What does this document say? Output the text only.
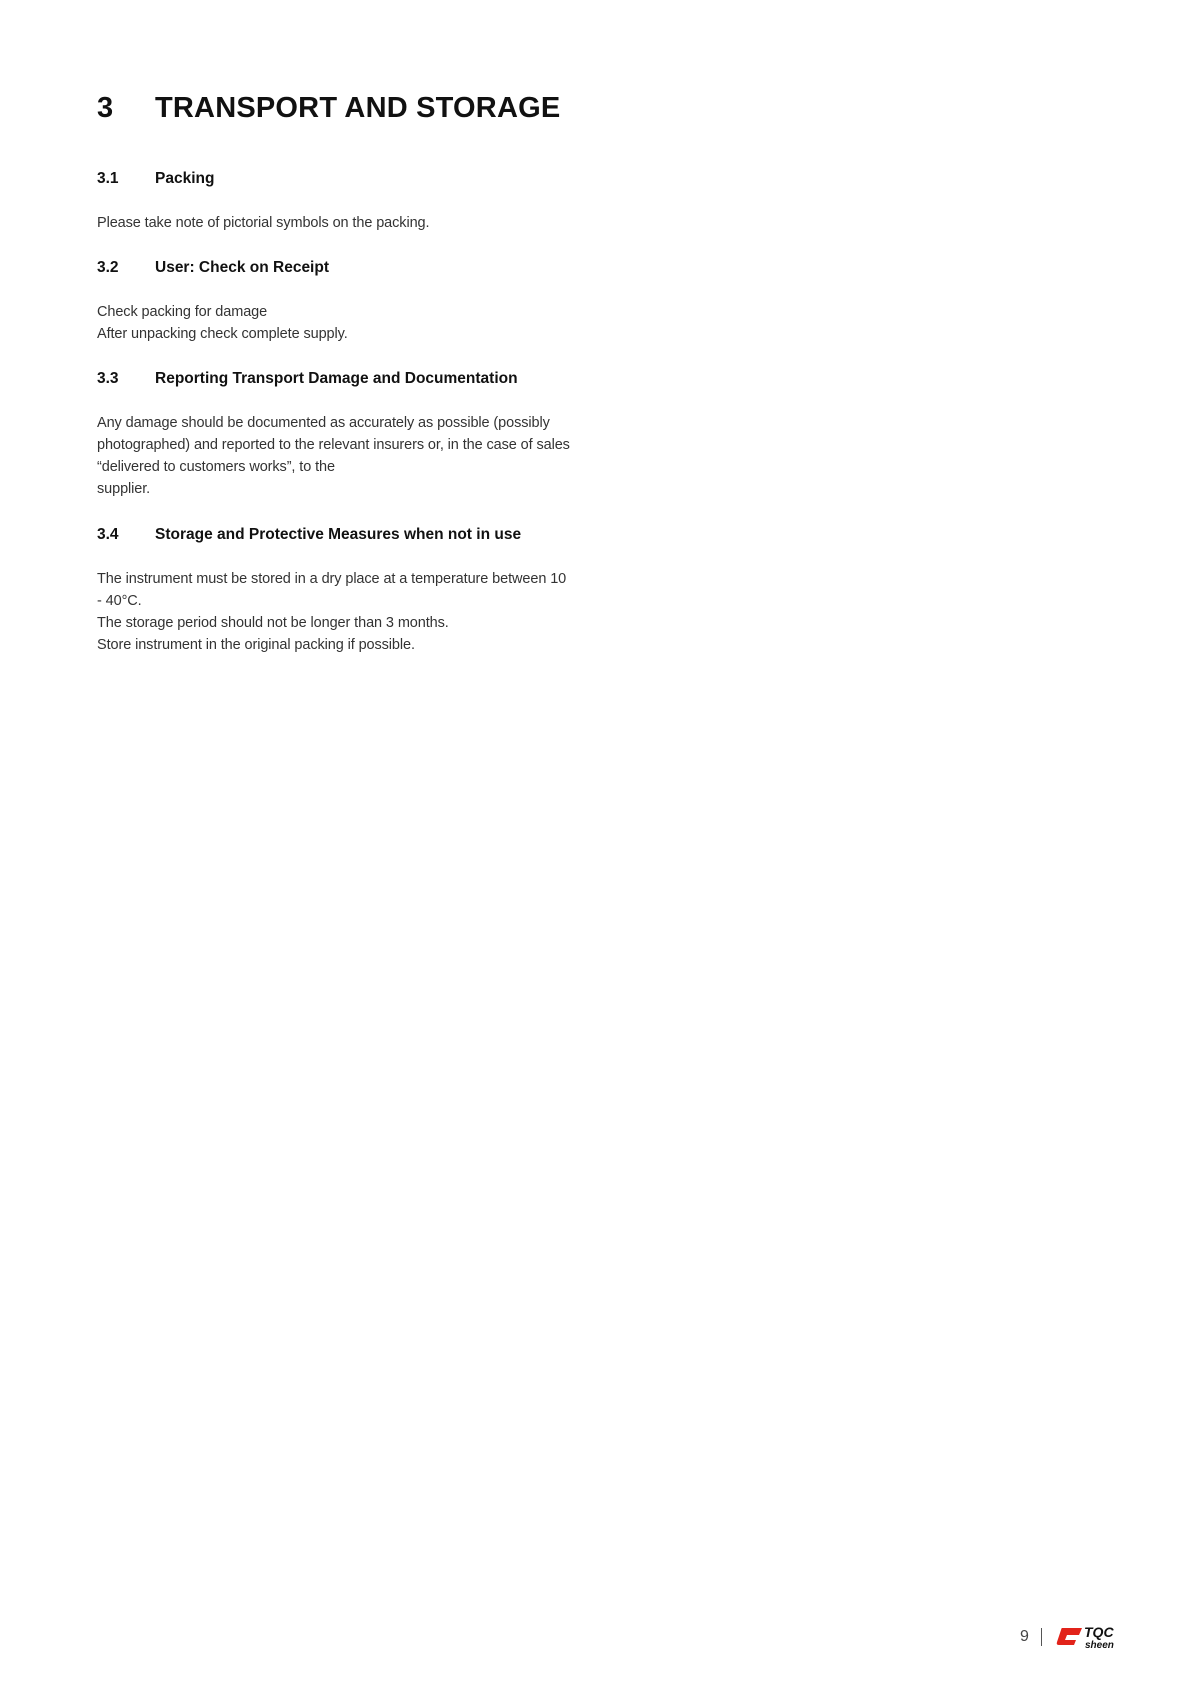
3	TRANSPORT AND STORAGE
3.1	Packing
Please take note of pictorial symbols on the packing.
3.2	User: Check on Receipt
Check packing for damage
After unpacking check complete supply.
3.3	Reporting Transport Damage and Documentation
Any damage should be documented as accurately as possible (possibly
photographed) and reported to the relevant insurers or, in the case of sales
“delivered to customers works”, to the
supplier.
3.4	Storage and Protective Measures when not in use
The instrument must be stored in a dry place at a temperature between 10
- 40°C.
The storage period should not be longer than 3 months.
Store instrument in the original packing if possible.
9	TQC
sheen
